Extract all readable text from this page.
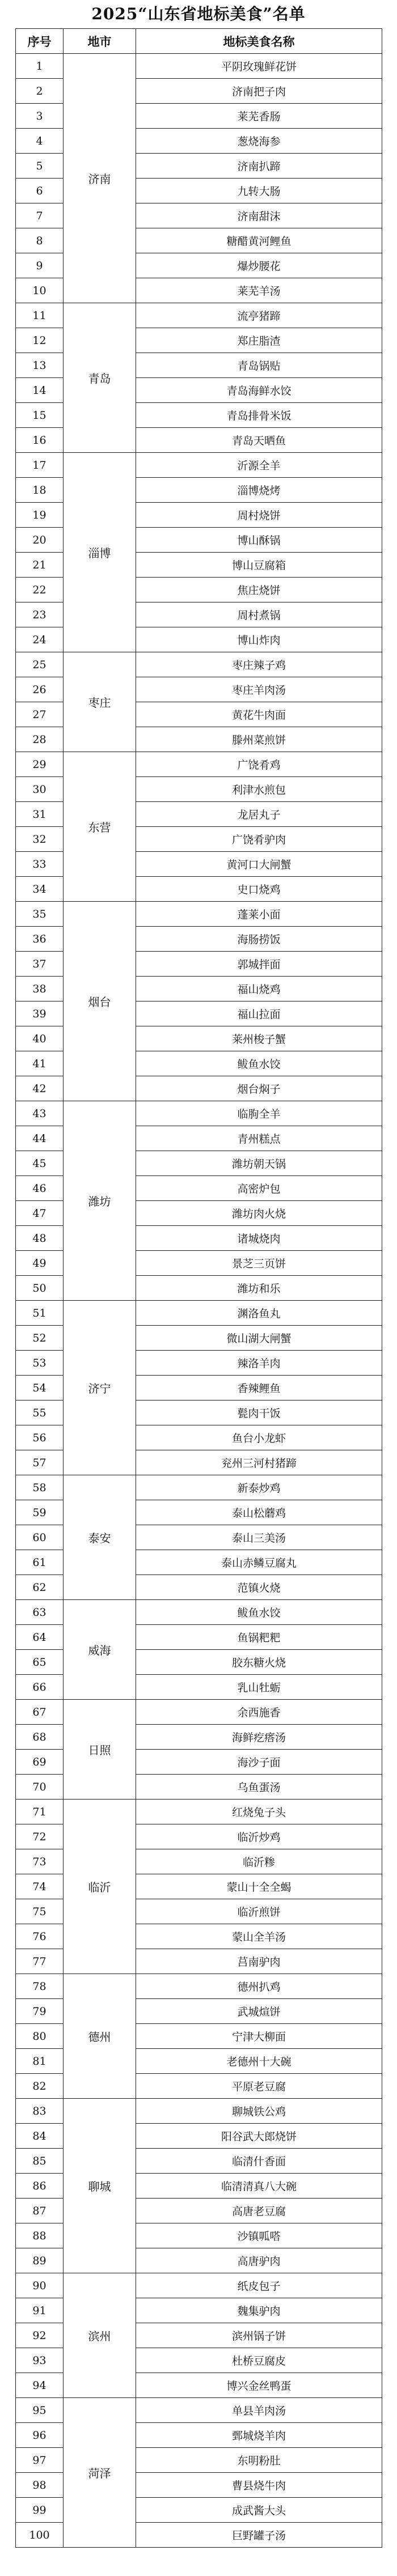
2025“山东省地标美食”名单
序号	地市	地标美食名称
1	济南	平阴玫瑰鲜花饼
2		济南把子肉
3		莱芜香肠
4		葱烧海参
5		济南扒蹄
6		九转大肠
7		济南甜沫
8		糖醋黄河鲤鱼
9		爆炒腰花
10		莱芜羊汤
11	青岛	流亭猪蹄
12		郑庄脂渣
13		青岛锅贴
14		青岛海鲜水饺
15		青岛排骨米饭
16		青岛天晒鱼
17	淄博	沂源全羊
18		淄博烧烤
19		周村烧饼
20		博山酥锅
21		博山豆腐箱
22		焦庄烧饼
23		周村煮锅
24		博山炸肉
25	枣庄	枣庄辣子鸡
26		枣庄羊肉汤
27		黄花牛肉面
28		滕州菜煎饼
29	东营	广饶肴鸡
30		利津水煎包
31		龙居丸子
32		广饶肴驴肉
33		黄河口大闸蟹
34		史口烧鸡
35	烟台	蓬莱小面
36		海肠捞饭
37		郭城拌面
38		福山烧鸡
39		福山拉面
40		莱州梭子蟹
41		鲅鱼水饺
42		烟台焖子
43	潍坊	临朐全羊
44		青州糕点
45		潍坊朝天锅
46		高密炉包
47		潍坊肉火烧
48		诸城烧肉
49		景芝三页饼
50		潍坊和乐
51	济宁	渊洛鱼丸
52		微山湖大闸蟹
53		辣洛羊肉
54		香辣鲤鱼
55		甏肉干饭
56		鱼台小龙虾
57		兖州三河村猪蹄
58	泰安	新泰炒鸡
59		泰山松蘑鸡
60		泰山三美汤
61		泰山赤鳞豆腐丸
62		范镇火烧
63	威海	鲅鱼水饺
64		鱼锅粑粑
65		胶东糖火烧
66		乳山牡蛎
67	日照	余西施香
68		海鲜疙瘩汤
69		海沙子面
70		乌鱼蛋汤
71	临沂	红烧兔子头
72		临沂炒鸡
73		临沂糁
74		蒙山十全全蝎
75		临沂煎饼
76		蒙山全羊汤
77		莒南驴肉
78	德州	德州扒鸡
79		武城煊饼
80		宁津大柳面
81		老德州十大碗
82		平原老豆腐
83	聊城	聊城铁公鸡
84		阳谷武大郎烧饼
85		临清什香面
86		临清清真八大碗
87		高唐老豆腐
88		沙镇呱嗒
89		高唐驴肉
90	滨州	纸皮包子
91		魏集驴肉
92		滨州锅子饼
93		杜桥豆腐皮
94		博兴金丝鸭蛋
95	菏泽	单县羊肉汤
96		鄄城烧羊肉
97		东明粉肚
98		曹县烧牛肉
99		成武酱大头
100		巨野罐子汤
